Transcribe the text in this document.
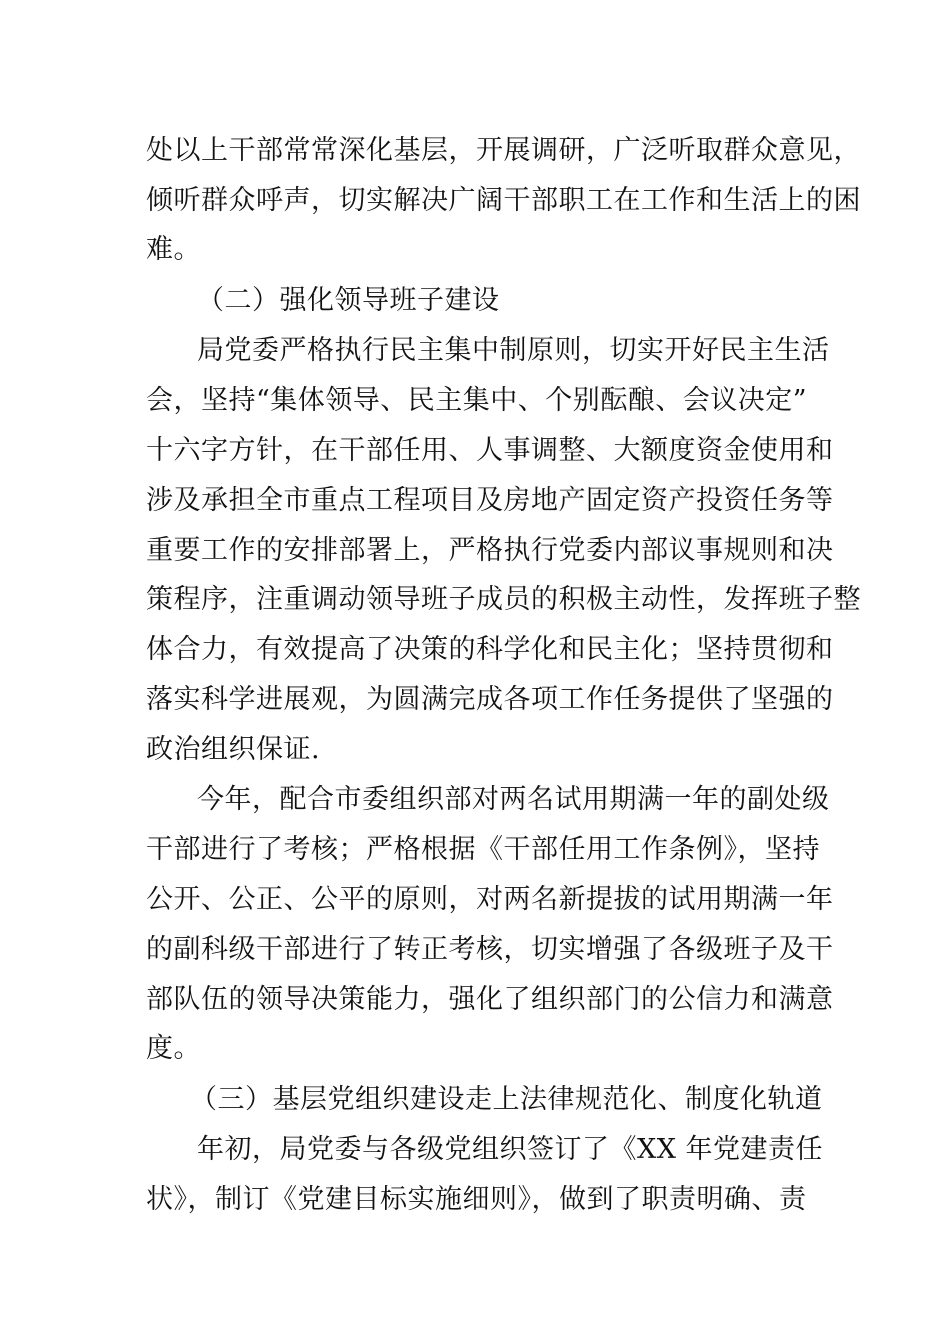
处以上干部常常深化基层，开展调研，广泛听取群众意见，
倾听群众呼声，切实解决广阔干部职工在工作和生活上的困
难。
（二）强化领导班子建设
局党委严格执行民主集中制原则，切实开好民主生活
会，坚持“集体领导、民主集中、个别酝酿、会议决定”
十六字方针，在干部任用、人事调整、大额度资金使用和
涉及承担全市重点工程项目及房地产固定资产投资任务等
重要工作的安排部署上，严格执行党委内部议事规则和决
策程序，注重调动领导班子成员的积极主动性，发挥班子整
体合力，有效提高了决策的科学化和民主化；坚持贯彻和
落实科学进展观，为圆满完成各项工作任务提供了坚强的
政治组织保证.
今年，配合市委组织部对两名试用期满一年的副处级
干部进行了考核；严格根据《干部任用工作条例》，坚持
公开、公正、公平的原则，对两名新提拔的试用期满一年
的副科级干部进行了转正考核，切实增强了各级班子及干
部队伍的领导决策能力，强化了组织部门的公信力和满意
度。
（三）基层党组织建设走上法律规范化、制度化轨道
年初，局党委与各级党组织签订了《XX 年党建责任
状》，制订《党建目标实施细则》，做到了职责明确、责
